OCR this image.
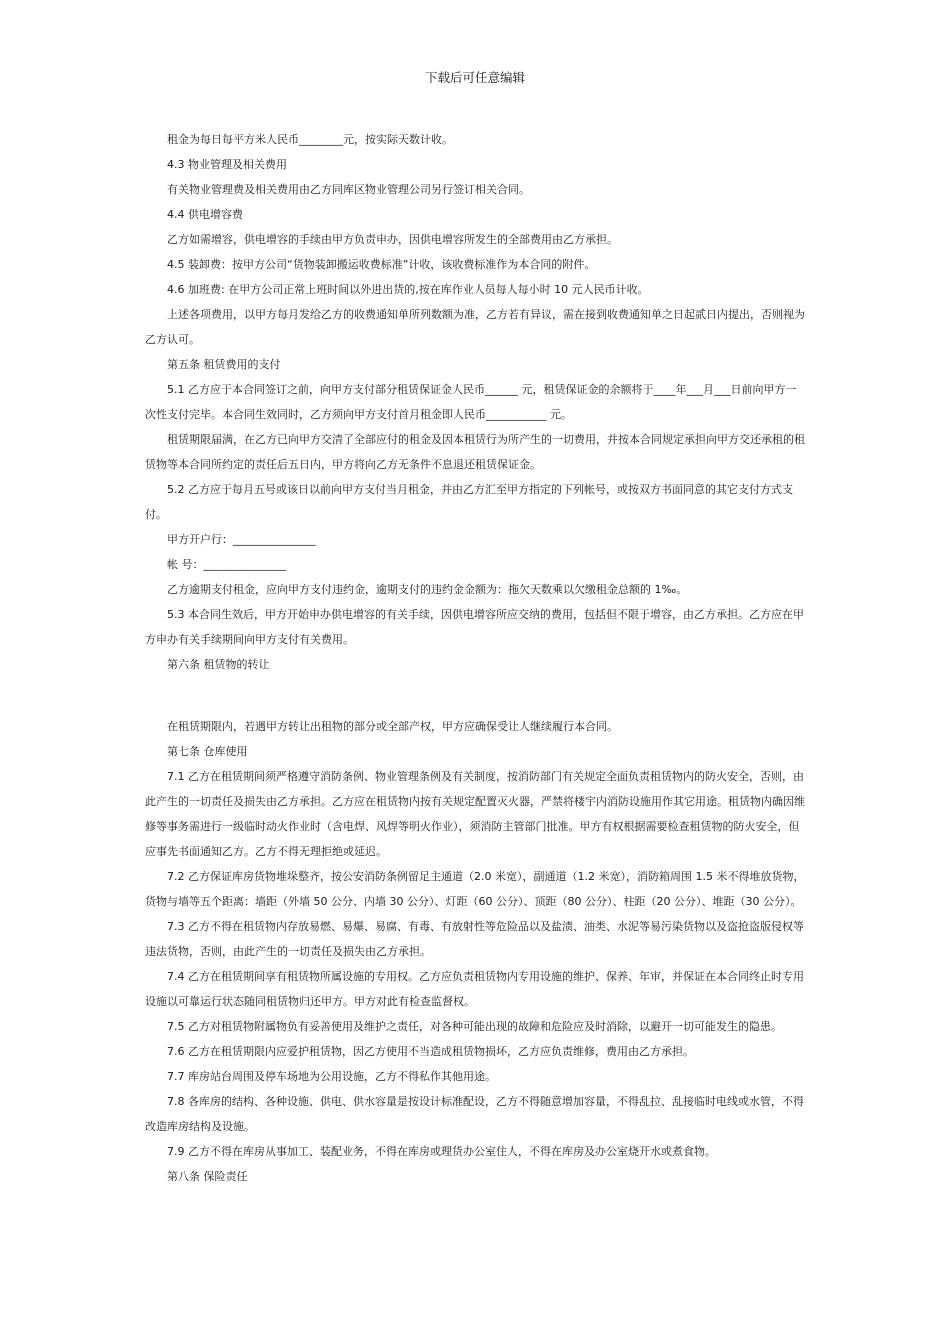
下载后可任意编辑

租金为每日每平方米人民币________元，按实际天数计收。

4.3 物业管理及相关费用

有关物业管理费及相关费用由乙方同库区物业管理公司另行签订相关合同。

4.4 供电增容费

乙方如需增容，供电增容的手续由甲方负责申办，因供电增容所发生的全部费用由乙方承担。

4.5 装卸费：按甲方公司“货物装卸搬运收费标准”计收，该收费标准作为本合同的附件。

4.6 加班费: 在甲方公司正常上班时间以外进出货的,按在库作业人员每人每小时 10 元人民币计收。

上述各项费用，以甲方每月发给乙方的收费通知单所列数额为准，乙方若有异议，需在接到收费通知单之日起贰日内提出，否则视为乙方认可。

第五条 租赁费用的支付

5.1 乙方应于本合同签订之前，向甲方支付部分租赁保证金人民币______ 元，租赁保证金的余额将于____年___月___日前向甲方一次性支付完毕。本合同生效同时，乙方须向甲方支付首月租金即人民币___________ 元。

租赁期限届满，在乙方已向甲方交清了全部应付的租金及因本租赁行为所产生的一切费用，并按本合同规定承担向甲方交还承租的租赁物等本合同所约定的责任后五日内，甲方将向乙方无条件不息退还租赁保证金。

5.2 乙方应于每月五号或该日以前向甲方支付当月租金，并由乙方汇至甲方指定的下列帐号，或按双方书面同意的其它支付方式支付。

甲方开户行：_______________

帐 号：_______________

乙方逾期支付租金，应向甲方支付违约金，逾期支付的违约金金额为：拖欠天数乘以欠缴租金总额的 1‰。

5.3 本合同生效后，甲方开始申办供电增容的有关手续，因供电增容所应交纳的费用，包括但不限于增容，由乙方承担。乙方应在甲方申办有关手续期间向甲方支付有关费用。

第六条 租赁物的转让

在租赁期限内，若遇甲方转让出租物的部分或全部产权，甲方应确保受让人继续履行本合同。

第七条 仓库使用

7.1 乙方在租赁期间须严格遵守消防条例、物业管理条例及有关制度，按消防部门有关规定全面负责租赁物内的防火安全，否则，由此产生的一切责任及损失由乙方承担。乙方应在租赁物内按有关规定配置灭火器，严禁将楼宇内消防设施用作其它用途。租赁物内确因维修等事务需进行一级临时动火作业时（含电焊、风焊等明火作业），须消防主管部门批准。甲方有权根据需要检查租赁物的防火安全，但应事先书面通知乙方。乙方不得无理拒绝或延迟。

7.2 乙方保证库房货物堆垛整齐，按公安消防条例留足主通道（2.0 米宽），副通道（1.2 米宽），消防箱周围 1.5 米不得堆放货物，货物与墙等五个距离：墙距（外墙 50 公分、内墙 30 公分）、灯距（60 公分）、顶距（80 公分）、柱距（20 公分）、堆距（30 公分）。

7.3 乙方不得在租赁物内存放易燃、易爆、易腐、有毒、有放射性等危险品以及盐渍、油类、水泥等易污染货物以及盗抢盗版侵权等违法货物，否则，由此产生的一切责任及损失由乙方承担。

7.4 乙方在租赁期间享有租赁物所属设施的专用权。乙方应负责租赁物内专用设施的维护、保养、年审，并保证在本合同终止时专用设施以可靠运行状态随同租赁物归还甲方。甲方对此有检查监督权。

7.5 乙方对租赁物附属物负有妥善使用及维护之责任，对各种可能出现的故障和危险应及时消除，以避开一切可能发生的隐患。

7.6 乙方在租赁期限内应爱护租赁物，因乙方使用不当造成租赁物损坏，乙方应负责维修，费用由乙方承担。

7.7 库房站台周围及停车场地为公用设施，乙方不得私作其他用途。

7.8 各库房的结构、各种设施、供电、供水容量是按设计标准配设，乙方不得随意增加容量，不得乱拉、乱接临时电线或水管，不得改造库房结构及设施。

7.9 乙方不得在库房从事加工、装配业务，不得在库房或理货办公室住人，不得在库房及办公室烧开水或煮食物。

第八条 保险责任
